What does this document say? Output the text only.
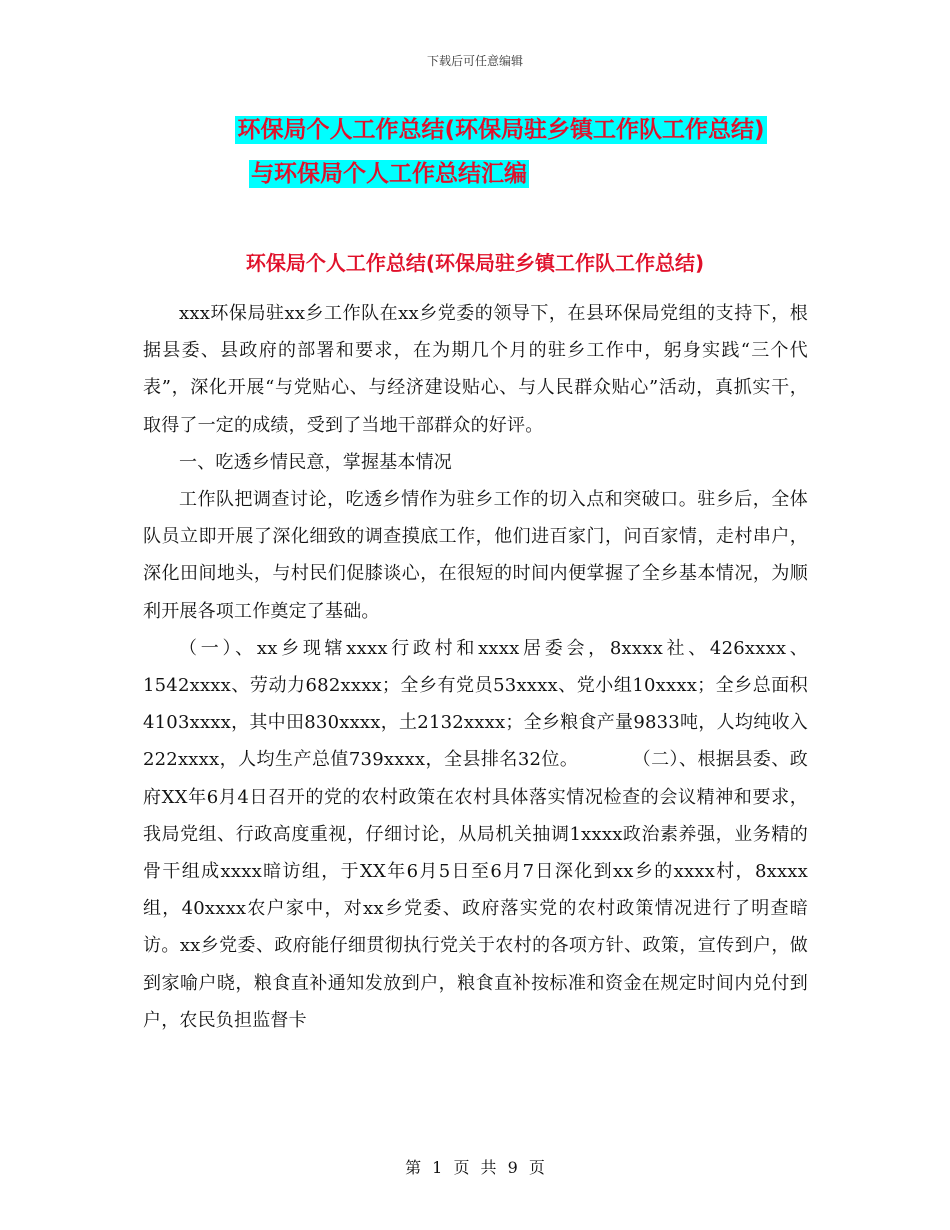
下载后可任意编辑
环保局个人工作总结(环保局驻乡镇工作队工作总结)
与环保局个人工作总结汇编
环保局个人工作总结(环保局驻乡镇工作队工作总结)

xxx环保局驻xx乡工作队在xx乡党委的领导下，在县环保局党组的支持下，根据县委、县政府的部署和要求，在为期几个月的驻乡工作中，躬身实践“三个代表”，深化开展“与党贴心、与经济建设贴心、与人民群众贴心”活动，真抓实干，取得了一定的成绩，受到了当地干部群众的好评。

一、吃透乡情民意，掌握基本情况

工作队把调查讨论，吃透乡情作为驻乡工作的切入点和突破口。驻乡后，全体队员立即开展了深化细致的调查摸底工作，他们进百家门，问百家情，走村串户，深化田间地头，与村民们促膝谈心，在很短的时间内便掌握了全乡基本情况，为顺利开展各项工作奠定了基础。

（一）、xx乡现辖xxxx行政村和xxxx居委会，8xxxx社、426xxxx、1542xxxx、劳动力682xxxx；全乡有党员53xxxx、党小组10xxxx；全乡总面积4103xxxx，其中田830xxxx，土2132xxxx；全乡粮食产量9833吨，人均纯收入222xxxx，人均生产总值739xxxx，全县排名32位。	（二）、根据县委、政府XX年6月4日召开的党的农村政策在农村具体落实情况检查的会议精神和要求，我局党组、行政高度重视，仔细讨论，从局机关抽调1xxxx政治素养强，业务精的骨干组成xxxx暗访组，于XX年6月5日至6月7日深化到xx乡的xxxx村，8xxxx组，40xxxx农户家中，对xx乡党委、政府落实党的农村政策情况进行了明查暗访。xx乡党委、政府能仔细贯彻执行党关于农村的各项方针、政策，宣传到户，做到家喻户晓，粮食直补通知发放到户，粮食直补按标准和资金在规定时间内兑付到户，农民负担监督卡

第 1 页 共 9 页
